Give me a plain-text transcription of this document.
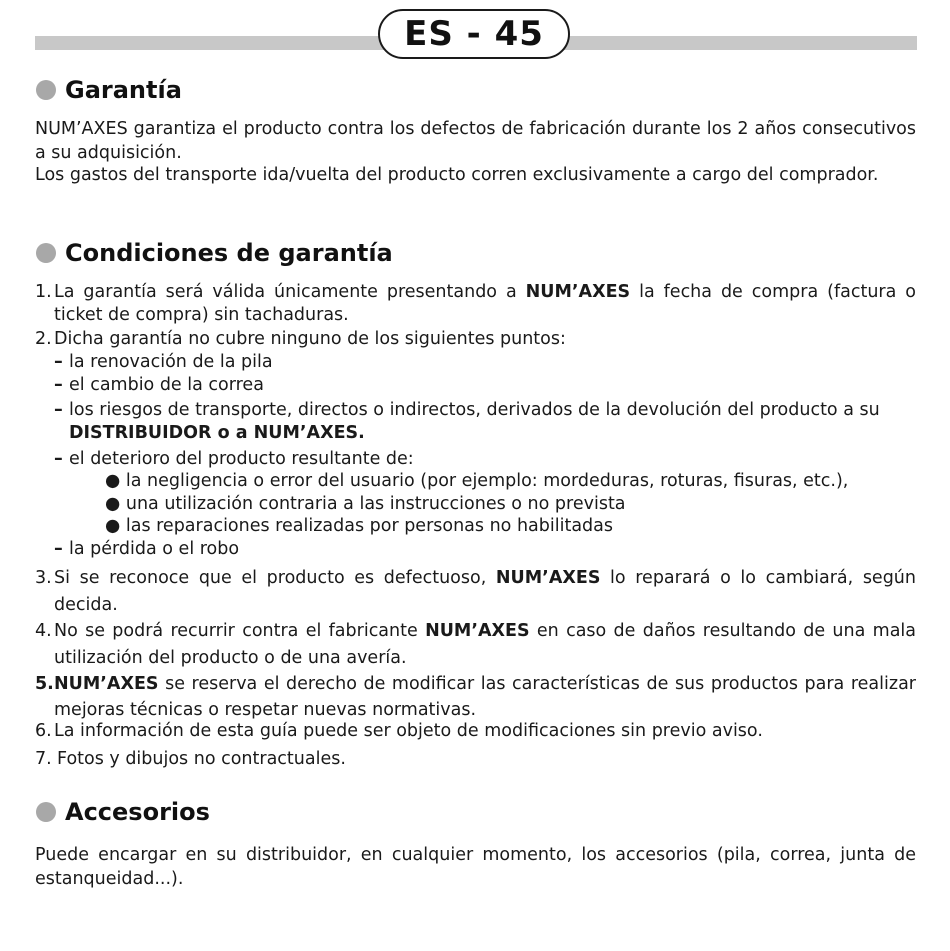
ES - 45
Garantía

NUM’AXES garantiza el producto contra los defectos de fabricación durante los 2 años consecutivos a su adquisición.

Los gastos del transporte ida/vuelta del producto corren exclusivamente a cargo del comprador.

Condiciones de garantía
1. La garantía será válida únicamente presentando a NUM’AXES la fecha de compra (factura o ticket de compra) sin tachaduras.
2. Dicha garantía no cubre ninguno de los siguientes puntos:
– la renovación de la pila
– el cambio de la correa
– los riesgos de transporte, directos o indirectos, derivados de la devolución del producto a su DISTRIBUIDOR o a NUM’AXES.
– el deterioro del producto resultante de:
● la negligencia o error del usuario (por ejemplo: mordeduras, roturas, fisuras, etc.),
● una utilización contraria a las instrucciones o no prevista
● las reparaciones realizadas por personas no habilitadas
– la pérdida o el robo
3. Si se reconoce que el producto es defectuoso, NUM’AXES lo reparará o lo cambiará, según decida.
4. No se podrá recurrir contra el fabricante NUM’AXES en caso de daños resultando de una mala utilización del producto o de una avería.
5. NUM’AXES se reserva el derecho de modificar las características de sus productos para realizar mejoras técnicas o respetar nuevas normativas.
6. La información de esta guía puede ser objeto de modificaciones sin previo aviso.
7. Fotos y dibujos no contractuales.
Accesorios

Puede encargar en su distribuidor, en cualquier momento, los accesorios (pila, correa, junta de estanqueidad...).
